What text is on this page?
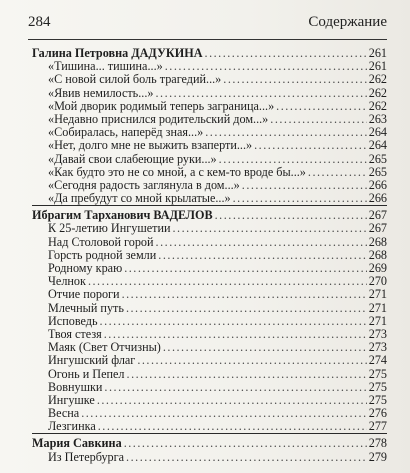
284	Содержание
Галина Петровна ДАДУКИНА .....	261
«Тишина... тишина...» .....	261
«С новой силой боль трагедий...» .....	262
«Явив немилость...» .....	262
«Мой дворик родимый теперь заграница...» .....	262
«Недавно приснился родительский дом...» .....	263
«Собиралась, наперёд зная...» .....	264
«Нет, долго мне не выжить взаперти...» .....	264
«Давай свои слабеющие руки...» .....	265
«Как будто это не со мной, а с кем-то вроде бы...» .....	265
«Сегодня радость заглянула в дом...» .....	266
«Да пребудут со мной крылатые...» .....	266
Ибрагим Тарханович ВАДЕЛОВ .....	267
К 25-летию Ингушетии .....	267
Над Столовой горой .....	268
Горсть родной земли .....	268
Родному краю .....	269
Челнок .....	270
Отчие пороги .....	271
Млечный путь .....	271
Исповедь .....	271
Твоя стезя .....	273
Маяк (Свет Отчизны) .....	273
Ингушский флаг .....	274
Огонь и Пепел .....	275
Вовнушки .....	275
Ингушке .....	275
Весна .....	276
Лезгинка .....	277
Мария Савкина .....	278
Из Петербурга .....	279
